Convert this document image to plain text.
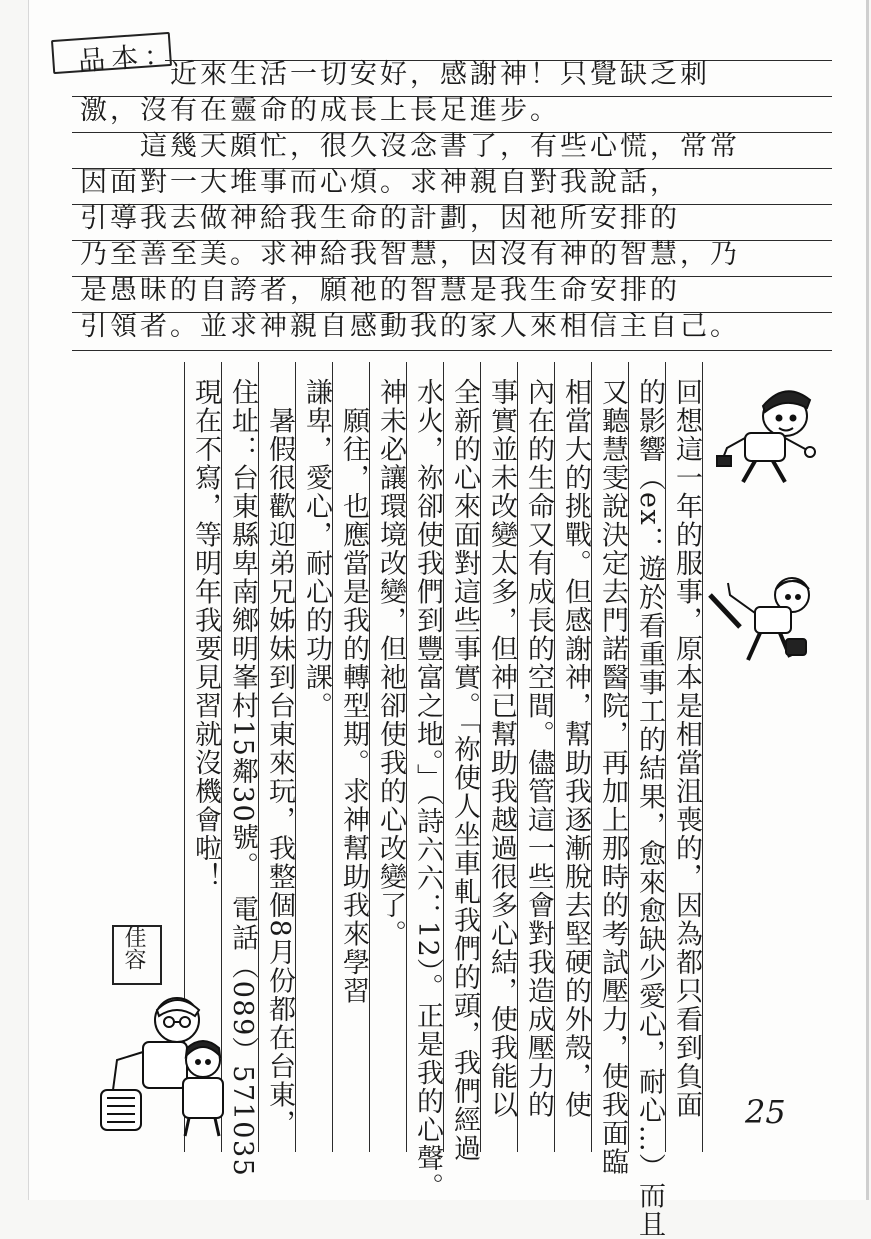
品本：
近來生活一切安好，感謝神！只覺缺乏刺
激，沒有在靈命的成長上長足進步。
　　這幾天頗忙，很久沒念書了，有些心慌，常常
因面對一大堆事而心煩。求神親自對我說話，
引導我去做神給我生命的計劃，因祂所安排的
乃至善至美。求神給我智慧，因沒有神的智慧，乃
是愚昧的自誇者，願祂的智慧是我生命安排的
引領者。並求神親自感動我的家人來相信主自己。
回想這一年的服事，原本是相當沮喪的，因為都只看到負面
的影響（ex：遊於看重事工的結果，愈來愈缺少愛心，耐心…）而且
又聽慧雯說決定去門諾醫院，再加上那時的考試壓力，使我面臨
相當大的挑戰。但感謝神，幫助我逐漸脫去堅硬的外殼，使
內在的生命又有成長的空間。儘管這一些會對我造成壓力的
事實並未改變太多，但神已幫助我越過很多心結，使我能以
全新的心來面對這些事實。「祢使人坐車軋我們的頭，我們經過
水火，祢卻使我們到豐富之地。」（詩六六：12）。正是我的心聲。
神未必讓環境改變，但祂卻使我的心改變了。
　願往，也應當是我的轉型期。求神幫助我來學習
謙卑，愛心，耐心的功課。
　暑假很歡迎弟兄姊妹到台東來玩，我整個8月份都在台東，
住址：台東縣卑南鄉明峯村15鄰30號。　電話（089）571035
現在不寫，等明年我要見習就沒機會啦！
佳容
25
